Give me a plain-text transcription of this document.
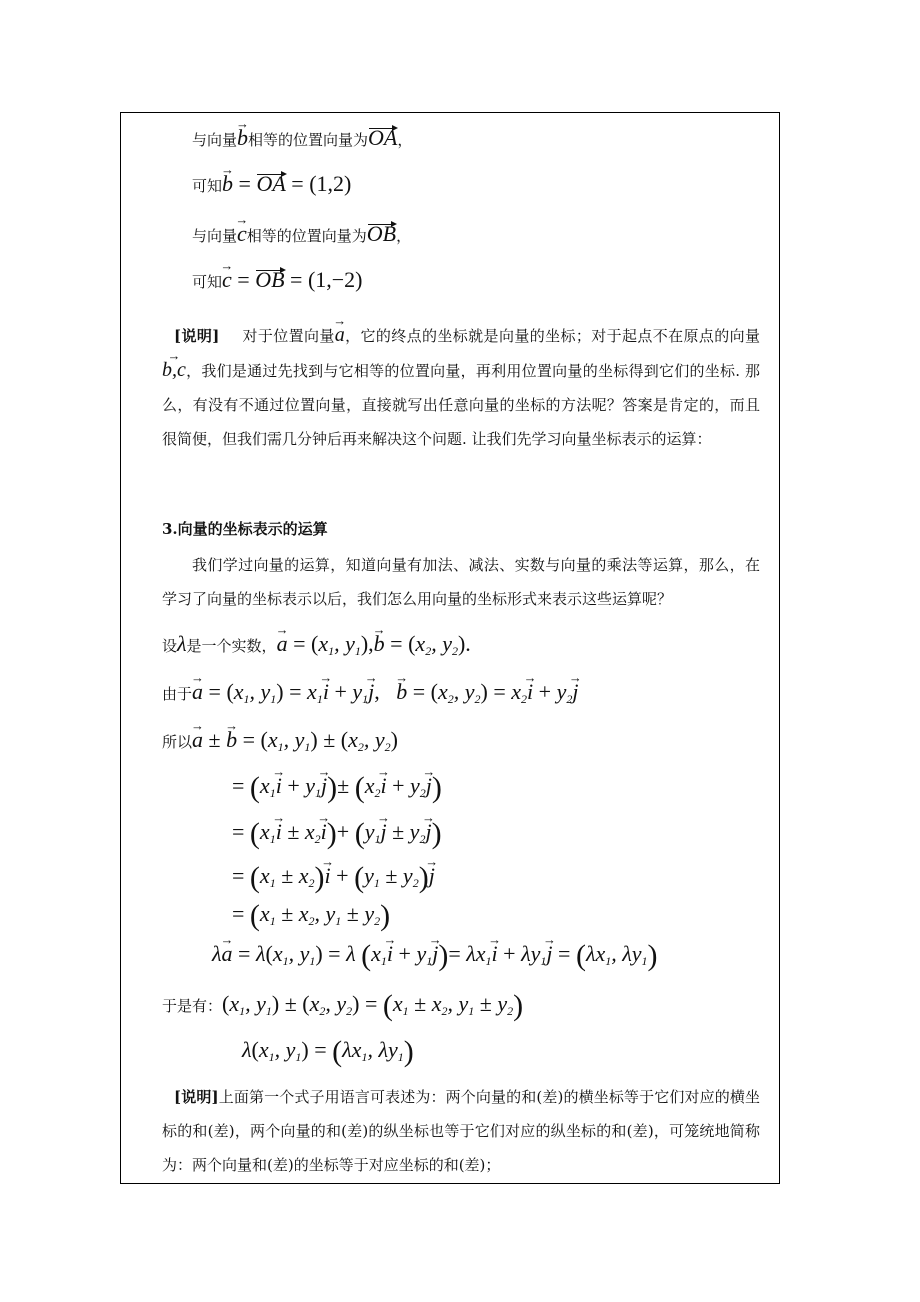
与向量→ b相等的位置向量为OA，
可知→ b = OA = (1,2)
与向量→ c相等的位置向量为OB，
可知→ c = OB = (1,−2)
[说明] 对于位置向量→ a，它的终点的坐标就是向量的坐标；对于起点不在原点的向量→ b,c，我们是通过先找到与它相等的位置向量，再利用位置向量的坐标得到它们的坐标. 那么，有没有不通过位置向量，直接就写出任意向量的坐标的方法呢？答案是肯定的，而且很简便，但我们需几分钟后再来解决这个问题. 让我们先学习向量坐标表示的运算：
3.向量的坐标表示的运算
我们学过向量的运算，知道向量有加法、减法、实数与向量的乘法等运算，那么，在学习了向量的坐标表示以后，我们怎么用向量的坐标形式来表示这些运算呢？
设λ是一个实数，→ $a = (x_1$, $y_1),\to b = (x_2$, $y_2$).
由于→ $a = (x_1$, $y_1) = x_1\to i + y_1\to j$, → $b = (x_2$, $y_2) = x_2\to i + y_2\to j$
所以→ a ± → $b = (x_1$, $y_1) \pm (x_2$, $y_2$)
= $(x_1\to i + y_1\to j)\pm (x_2\to i + y_2\to j)$
= $(x_1\to i \pm x_2\to i)+ (y_1\to j \pm y_2\to j)$
= $(x_1 \pm x_2)\to i + (y_1 \pm y_2)\to j$
= ($x_1 \pm x_2$, $y_1 \pm y_2$)
$\lambda\to a = \lambda(x_1$, $y_1) = \lambda$ $(x_1\to i + y_1\to j)= \lambda x_1\to i + \lambda y_1\to j = (\lambda x_1$, $\lambda y_1$)
于是有：($x_1$, $y_1) \pm (x_2$, $y_2) = (x_1 \pm x_2$, $y_1 \pm y_2$)
$\lambda(x_1$, $y_1) = (\lambda x_1$, $\lambda y_1$)
[说明]上面第一个式子用语言可表述为：两个向量的和(差)的横坐标等于它们对应的横坐标的和(差)，两个向量的和(差)的纵坐标也等于它们对应的纵坐标的和(差)，可笼统地简称为：两个向量和(差)的坐标等于对应坐标的和(差)；
